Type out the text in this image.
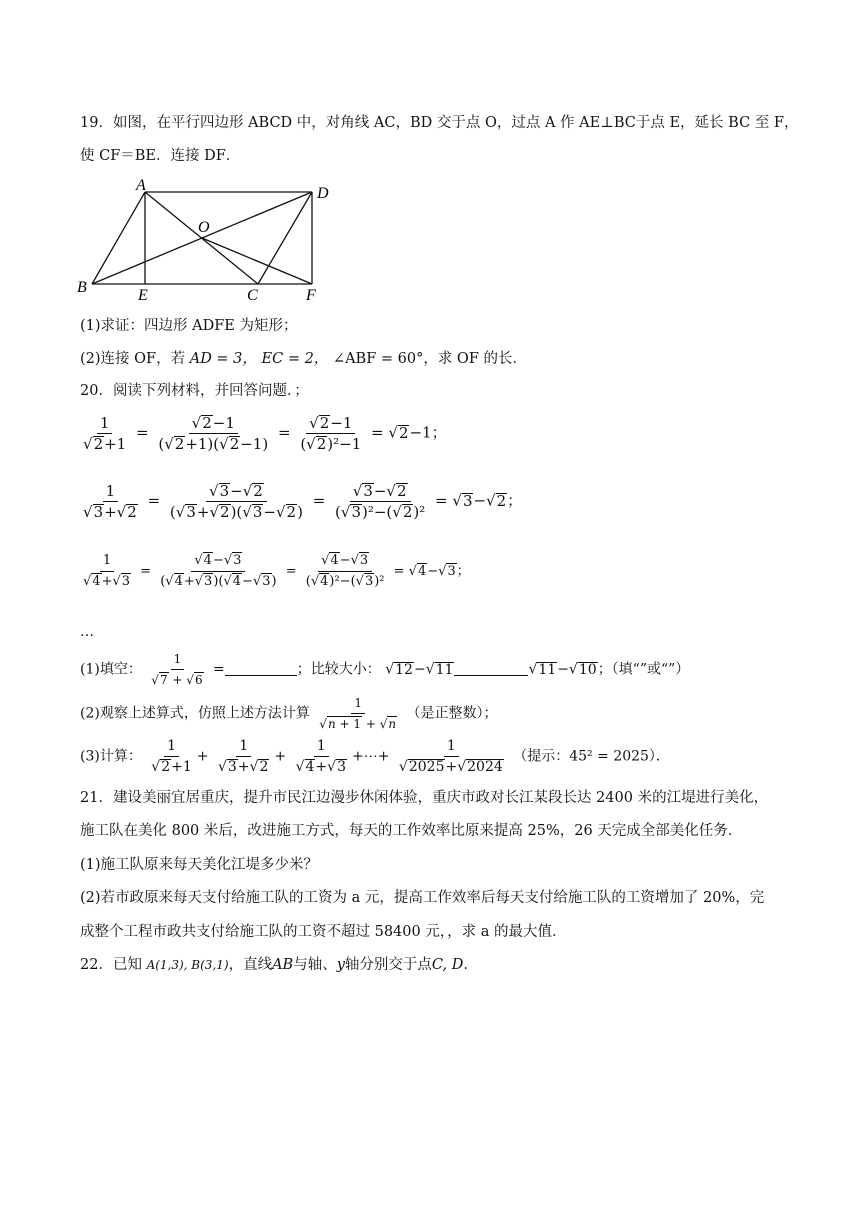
19．如图，在平行四边形 ABCD 中，对角线 AC，BD 交于点 O，过点 A 作 AE⊥BC于点 E，延长 BC 至 F，
使 CF＝BE．连接 DF．
A	D
O
B	E	C	F
(1)求证：四边形 ADFE 为矩形；
(2)连接 OF，若 AD = 3， EC = 2， ∠ABF = 60°，求 OF 的长．
20．阅读下列材料，并回答问题．；
$\frac{1}{√2+1} = \frac{√2-1}{(√2+1)(√2-1)} = \frac{√2-1}{\text{(√2)²−1}} = √2-1$；
$\frac{1}{√3+√2} = \frac{√3-√2}{(√3+√2)(√3-√2)} = \frac{√3-√2}{\text{(√3)²−(√2)²}} = √3-√2$；
$\frac{1}{√4+√3} = \frac{√4-√3}{(√4+√3)(√4-√3)} = \frac{√4-√3}{\text{(√4)²−(√3)²}} = √4-√3$；
…
(1)填空： $\frac{1}{√7 + √6}$ =	；比较大小： √12−√11	√11−√10；（填“”或“”）
(2)观察上述算式，仿照上述方法计算 $\frac{1}{√n + 1 + √n}$ （是正整数）；
(3)计算： $\frac{1}{√2+1} + \frac{1}{√3+√2} + \frac{1}{√4+√3}$ +⋯+ $\frac{1}{√2025+√2024}$ （提示：45² = 2025）．
21．建设美丽宜居重庆，提升市民江边漫步休闲体验，重庆市政对长江某段长达 2400 米的江堤进行美化，
施工队在美化 800 米后，改进施工方式，每天的工作效率比原来提高 25%，26 天完成全部美化任务．
(1)施工队原来每天美化江堤多少米？
(2)若市政原来每天支付给施工队的工资为 a 元，提高工作效率后每天支付给施工队的工资增加了 20%，完
成整个工程市政共支付给施工队的工资不超过 58400 元，，求 a 的最大值．
22．已知 A(1,3), B(3,1)，直线AB与轴、y轴分别交于点C, D．
